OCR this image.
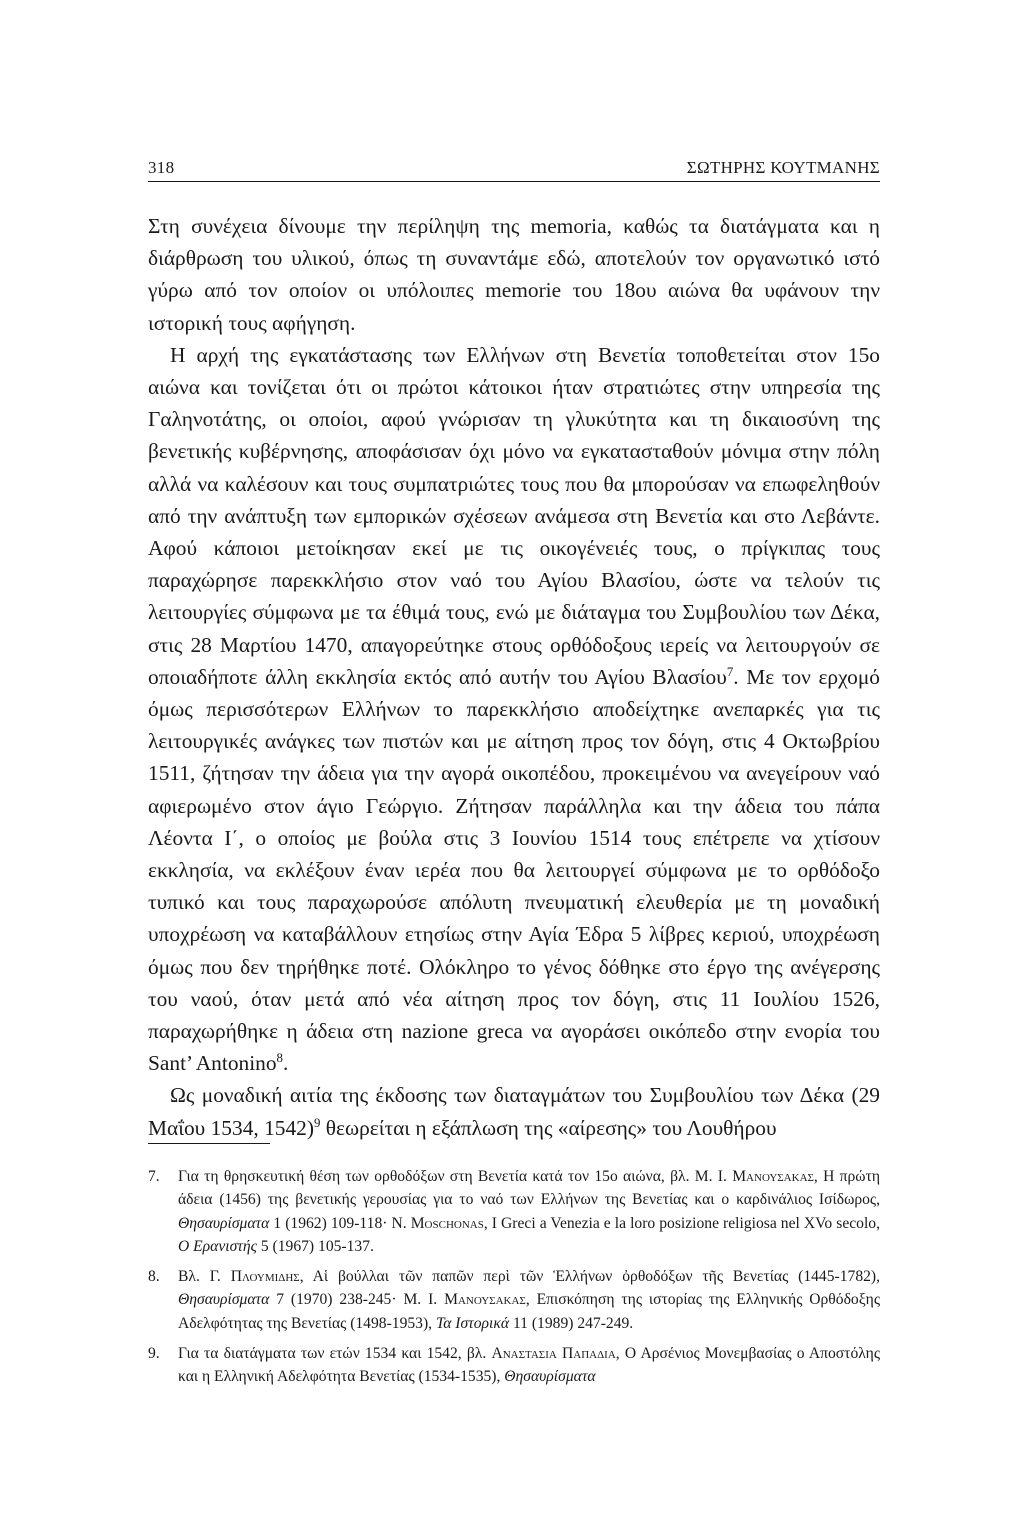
318	ΣΩΤΗΡΗΣ ΚΟΥΤΜΑΝΗΣ

Στη συνέχεια δίνουμε την περίληψη της memoria, καθώς τα διατάγματα και η διάρθρωση του υλικού, όπως τη συναντάμε εδώ, αποτελούν τον οργανωτικό ιστό γύρω από τον οποίον οι υπόλοιπες memorie του 18ου αιώνα θα υφάνουν την ιστορική τους αφήγηση.

Η αρχή της εγκατάστασης των Ελλήνων στη Βενετία τοποθετείται στον 15ο αιώνα και τονίζεται ότι οι πρώτοι κάτοικοι ήταν στρατιώτες στην υπηρεσία της Γαληνοτάτης, οι οποίοι, αφού γνώρισαν τη γλυκύτητα και τη δικαιοσύνη της βενετικής κυβέρνησης, αποφάσισαν όχι μόνο να εγκατασταθούν μόνιμα στην πόλη αλλά να καλέσουν και τους συμπατριώτες τους που θα μπορούσαν να επωφεληθούν από την ανάπτυξη των εμπορικών σχέσεων ανάμεσα στη Βενετία και στο Λεβάντε. Αφού κάποιοι μετοίκησαν εκεί με τις οικογένειές τους, ο πρίγκιπας τους παραχώρησε παρεκκλήσιο στον ναό του Αγίου Βλασίου, ώστε να τελούν τις λειτουργίες σύμφωνα με τα έθιμά τους, ενώ με διάταγμα του Συμβουλίου των Δέκα, στις 28 Μαρτίου 1470, απαγορεύτηκε στους ορθόδοξους ιερείς να λειτουργούν σε οποιαδήποτε άλλη εκκλησία εκτός από αυτήν του Αγίου Βλασίου$^7$. Με τον ερχομό όμως περισσότερων Ελλήνων το παρεκκλήσιο αποδείχτηκε ανεπαρκές για τις λειτουργικές ανάγκες των πιστών και με αίτηση προς τον δόγη, στις 4 Οκτωβρίου 1511, ζήτησαν την άδεια για την αγορά οικοπέδου, προκειμένου να ανεγείρουν ναό αφιερωμένο στον άγιο Γεώργιο. Ζήτησαν παράλληλα και την άδεια του πάπα Λέοντα Ι΄, ο οποίος με βούλα στις 3 Ιουνίου 1514 τους επέτρεπε να χτίσουν εκκλησία, να εκλέξουν έναν ιερέα που θα λειτουργεί σύμφωνα με το ορθόδοξο τυπικό και τους παραχωρούσε απόλυτη πνευματική ελευθερία με τη μοναδική υποχρέωση να καταβάλλουν ετησίως στην Αγία Έδρα 5 λίβρες κεριού, υποχρέωση όμως που δεν τηρήθηκε ποτέ. Ολόκληρο το γένος δόθηκε στο έργο της ανέγερσης του ναού, όταν μετά από νέα αίτηση προς τον δόγη, στις 11 Ιουλίου 1526, παραχωρήθηκε η άδεια στη nazione greca να αγοράσει οικόπεδο στην ενορία του Sant’ Antonino$^8$.

Ως μοναδική αιτία της έκδοσης των διαταγμάτων του Συμβουλίου των Δέκα (29 Μαΐου 1534, 1542)$^9$ θεωρείται η εξάπλωση της «αίρεσης» του Λουθήρου

7.	Για τη θρησκευτική θέση των ορθοδόξων στη Βενετία κατά τον 15ο αιώνα, βλ. Μ. Ι. Μανουσακας, Η πρώτη άδεια (1456) της βενετικής γερουσίας για το ναό των Ελλήνων της Βενετίας και ο καρδινάλιος Ισίδωρος, Θησαυρίσματα 1 (1962) 109-118· N. Moschonas, I Greci a Venezia e la loro posizione religiosa nel XVo secolo, Ο Ερανιστής 5 (1967) 105-137.
8.	Βλ. Γ. Πλουμιδης, Αἱ βούλλαι τῶν παπῶν περὶ τῶν Ἑλλήνων ὀρθοδόξων τῆς Βενετίας (1445-1782), Θησαυρίσματα 7 (1970) 238-245· Μ. Ι. Μανουσακας, Επισκόπηση της ιστορίας της Ελληνικής Ορθόδοξης Αδελφότητας της Βενετίας (1498-1953), Τα Ιστορικά 11 (1989) 247-249.
9.	Για τα διατάγματα των ετών 1534 και 1542, βλ. Αναστασια Παπαδια, Ο Αρσένιος Μονεμβασίας ο Αποστόλης και η Ελληνική Αδελφότητα Βενετίας (1534-1535), Θησαυρίσματα
